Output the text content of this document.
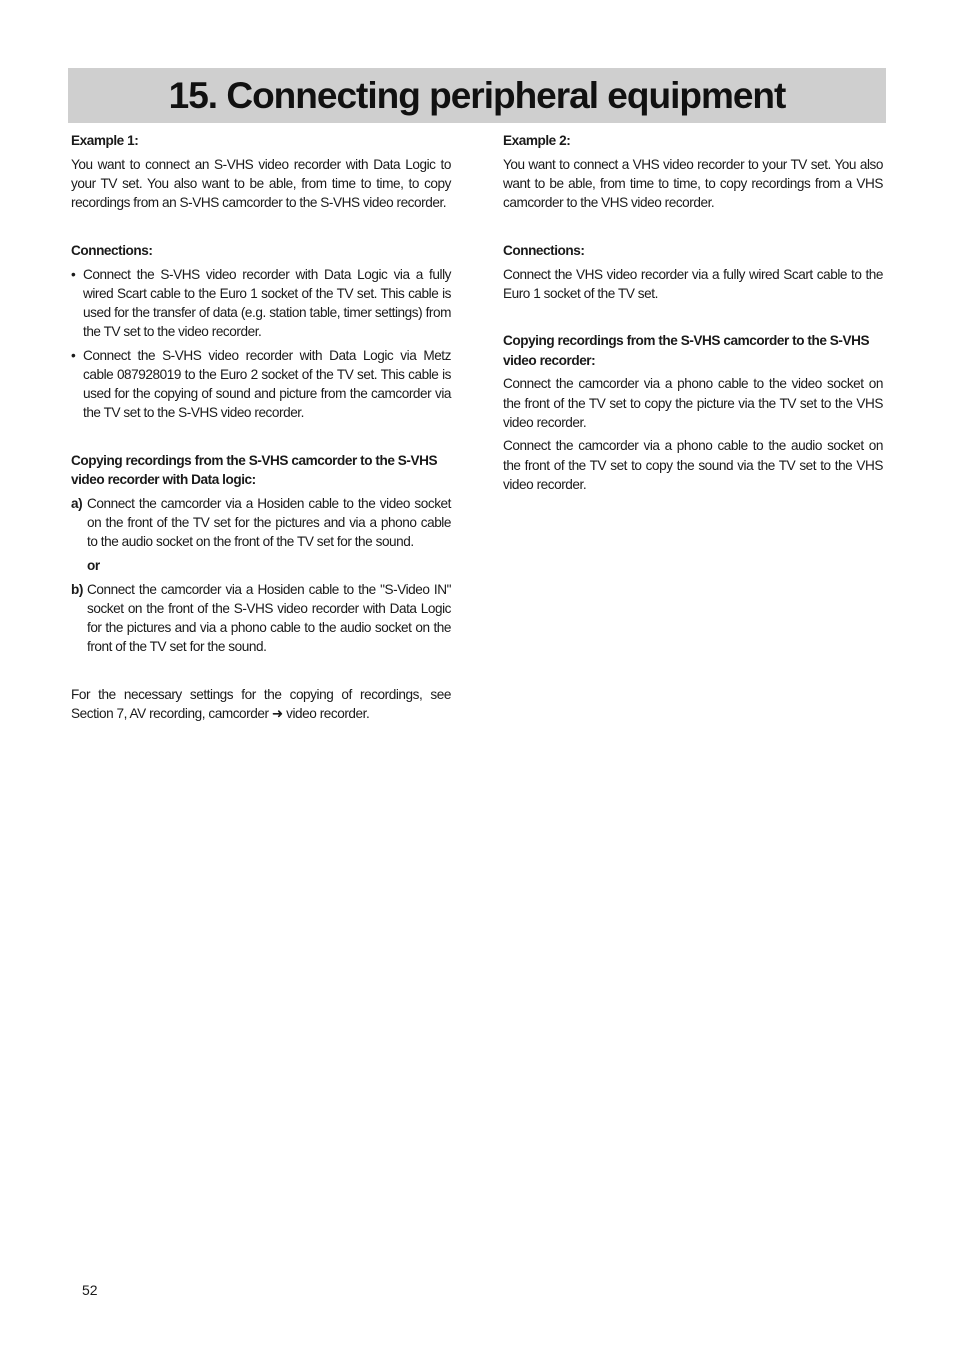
15. Connecting peripheral equipment
Example 1:

You want to connect an S-VHS video recorder with Data Logic to your TV set. You also want to be able, from time to time, to copy recordings from an S-VHS camcorder to the S-VHS video recorder.

Connections:
• Connect the S-VHS video recorder with Data Logic via a fully wired Scart cable to the Euro 1 socket of the TV set. This cable is used for the transfer of data (e.g. station table, timer settings) from the TV set to the video recorder.
• Connect the S-VHS video recorder with Data Logic via Metz cable 087928019 to the Euro 2 socket of the TV set. This cable is used for the copying of sound and picture from the camcorder via the TV set to the S-VHS video recorder.
Copying recordings from the S-VHS camcorder to the S-VHS video recorder with Data logic:
a) Connect the camcorder via a Hosiden cable to the video socket on the front of the TV set for the pictures and via a phono cable to the audio socket on the front of the TV set for the sound.
or
b) Connect the camcorder via a Hosiden cable to the "S-Video IN" socket on the front of the S-VHS video recorder with Data Logic for the pictures and via a phono cable to the audio socket on the front of the TV set for the sound.

For the necessary settings for the copying of recordings, see Section 7, AV recording, camcorder ➜ video recorder.

Example 2:

You want to connect a VHS video recorder to your TV set. You also want to be able, from time to time, to copy recordings from a VHS camcorder to the VHS video recorder.

Connections:

Connect the VHS video recorder via a fully wired Scart cable to the Euro 1 socket of the TV set.

Copying recordings from the S-VHS camcorder to the S-VHS video recorder:

Connect the camcorder via a phono cable to the video socket on the front of the TV set to copy the picture via the TV set to the VHS video recorder.

Connect the camcorder via a phono cable to the audio socket on the front of the TV set to copy the sound via the TV set to the VHS video recorder.

52
